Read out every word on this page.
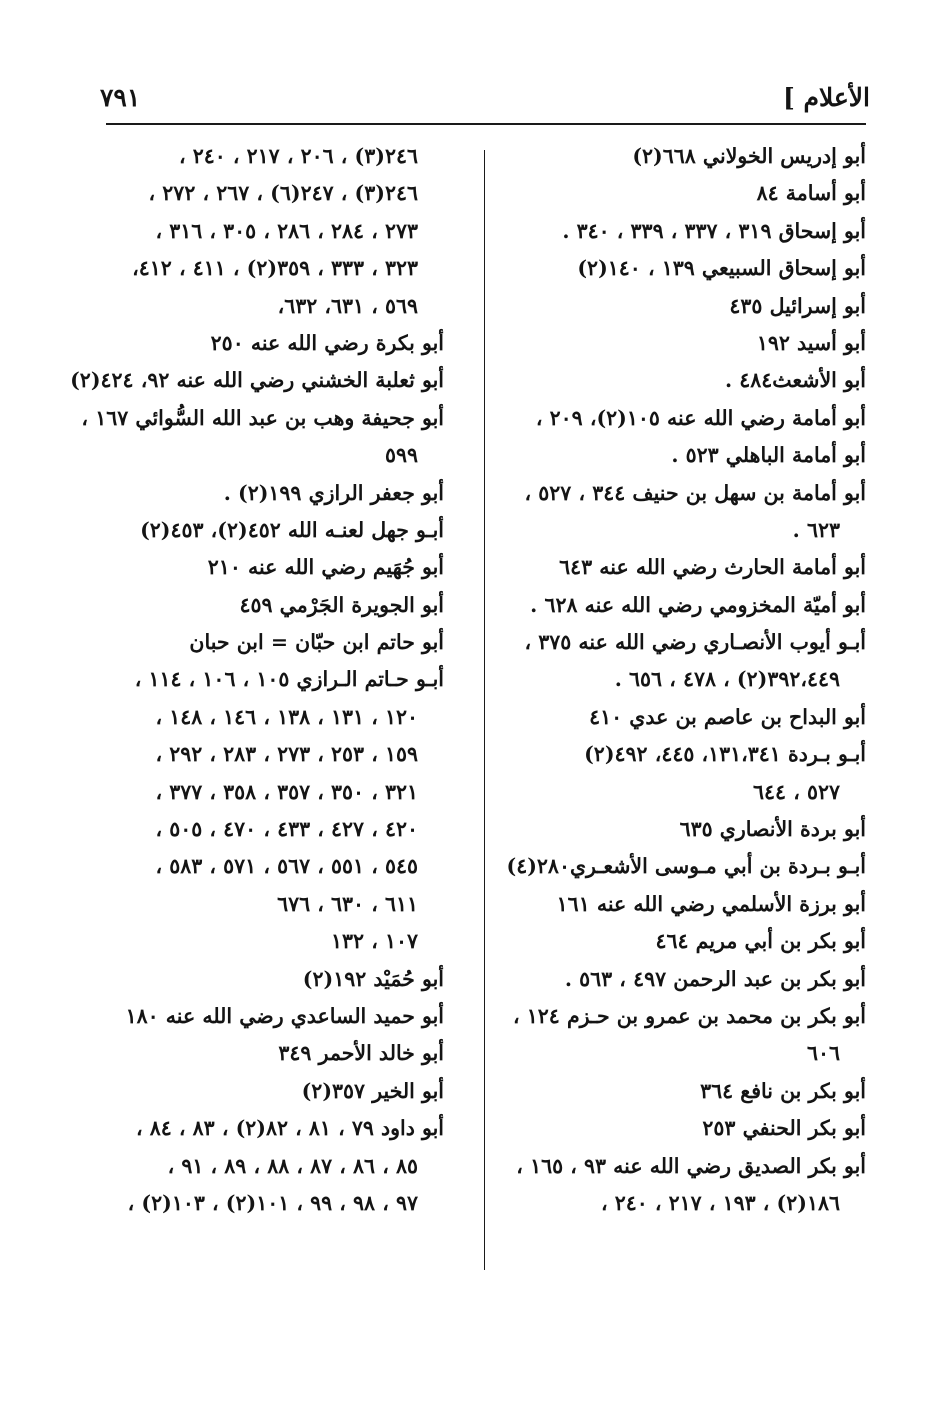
الأعلام ]
٧٩١
أبو إدريس الخولاني ٦٦٨(٢)
أبو أسامة ٨٤
أبو إسحاق ٣١٩ ، ٣٣٧ ، ٣٣٩ ، ٣٤٠ .
أبو إسحاق السبيعي ١٣٩ ، ١٤٠(٢)
أبو إسرائيل ٤٣٥
أبو أسيد ١٩٢
أبو الأشعث٤٨٤ .
أبو أمامة رضي الله عنه ١٠٥(٢)، ٢٠٩ ،
أبو أمامة الباهلي ٥٢٣ .
أبو أمامة بن سهل بن حنيف ٣٤٤ ، ٥٢٧ ،
٦٢٣ .
أبو أمامة الحارث رضي الله عنه ٦٤٣
أبو أميّة المخزومي رضي الله عنه ٦٢٨ .
أبـو أيوب الأنصـاري رضي الله عنه ٣٧٥ ،
٣٩٢،٤٤٩(٢) ، ٤٧٨ ، ٦٥٦ .
أبو البداح بن عاصم بن عدي ٤١٠
أبـو بـردة ١٣١،٣٤١، ٤٤٥، ٤٩٢(٢)
٥٢٧ ، ٦٤٤
أبو بردة الأنصاري ٦٣٥
أبـو بـردة بن أبي مـوسى الأشعـري٢٨٠(٤)
أبو برزة الأسلمي رضي الله عنه ١٦١
أبو بكر بن أبي مريم ٤٦٤
أبو بكر بن عبد الرحمن ٤٩٧ ، ٥٦٣ .
أبو بكر بن محمد بن عمرو بن حـزم ١٢٤ ،
٦٠٦
أبو بكر بن نافع ٣٦٤
أبو بكر الحنفي ٢٥٣
أبو بكر الصديق رضي الله عنه ٩٣ ، ١٦٥ ،
١٨٦(٢) ، ١٩٣ ، ٢١٧ ، ٢٤٠ ،
٢٤٦(٣) ، ٢٠٦ ، ٢١٧ ، ٢٤٠ ،
٢٤٦(٣) ، ٢٤٧(٦) ، ٢٦٧ ، ٢٧٢ ،
٢٧٣ ، ٢٨٤ ، ٢٨٦ ، ٣٠٥ ، ٣١٦ ،
٣٢٣ ، ٣٣٣ ، ٣٥٩(٢) ، ٤١١ ، ٤١٢،
٥٦٩ ، ٦٣١، ٦٣٢،
أبو بكرة رضي الله عنه ٢٥٠
أبو ثعلبة الخشني رضي الله عنه ٩٢، ٤٢٤(٢)
أبو جحيفة وهب بن عبد الله السُّوائي ١٦٧ ،
٥٩٩
أبو جعفر الرازي ١٩٩(٢) .
أبـو جهل لعنـه الله ٤٥٢(٢)، ٤٥٣(٢)
أبو جُهَيم رضي الله عنه ٢١٠
أبو الجويرة الجَرْمي ٤٥٩
أبو حاتم ابن حبّان = ابن حبان
أبـو حـاتم الـرازي ١٠٥ ، ١٠٦ ، ١١٤ ،
١٢٠ ، ١٣١ ، ١٣٨ ، ١٤٦ ، ١٤٨ ،
١٥٩ ، ٢٥٣ ، ٢٧٣ ، ٢٨٣ ، ٢٩٢ ،
٣٢١ ، ٣٥٠ ، ٣٥٧ ، ٣٥٨ ، ٣٧٧ ،
٤٢٠ ، ٤٢٧ ، ٤٣٣ ، ٤٧٠ ، ٥٠٥ ،
٥٤٥ ، ٥٥١ ، ٥٦٧ ، ٥٧١ ، ٥٨٣ ،
٦١١ ، ٦٣٠ ، ٦٧٦
١٠٧ ، ١٣٢
أبو حُمَيْد ١٩٢(٢)
أبو حميد الساعدي رضي الله عنه ١٨٠
أبو خالد الأحمر ٣٤٩
أبو الخير ٣٥٧(٢)
أبو داود ٧٩ ، ٨١ ، ٨٢(٢) ، ٨٣ ، ٨٤ ،
٨٥ ، ٨٦ ، ٨٧ ، ٨٨ ، ٨٩ ، ٩١ ،
٩٧ ، ٩٨ ، ٩٩ ، ١٠١(٢) ، ١٠٣(٢) ،
